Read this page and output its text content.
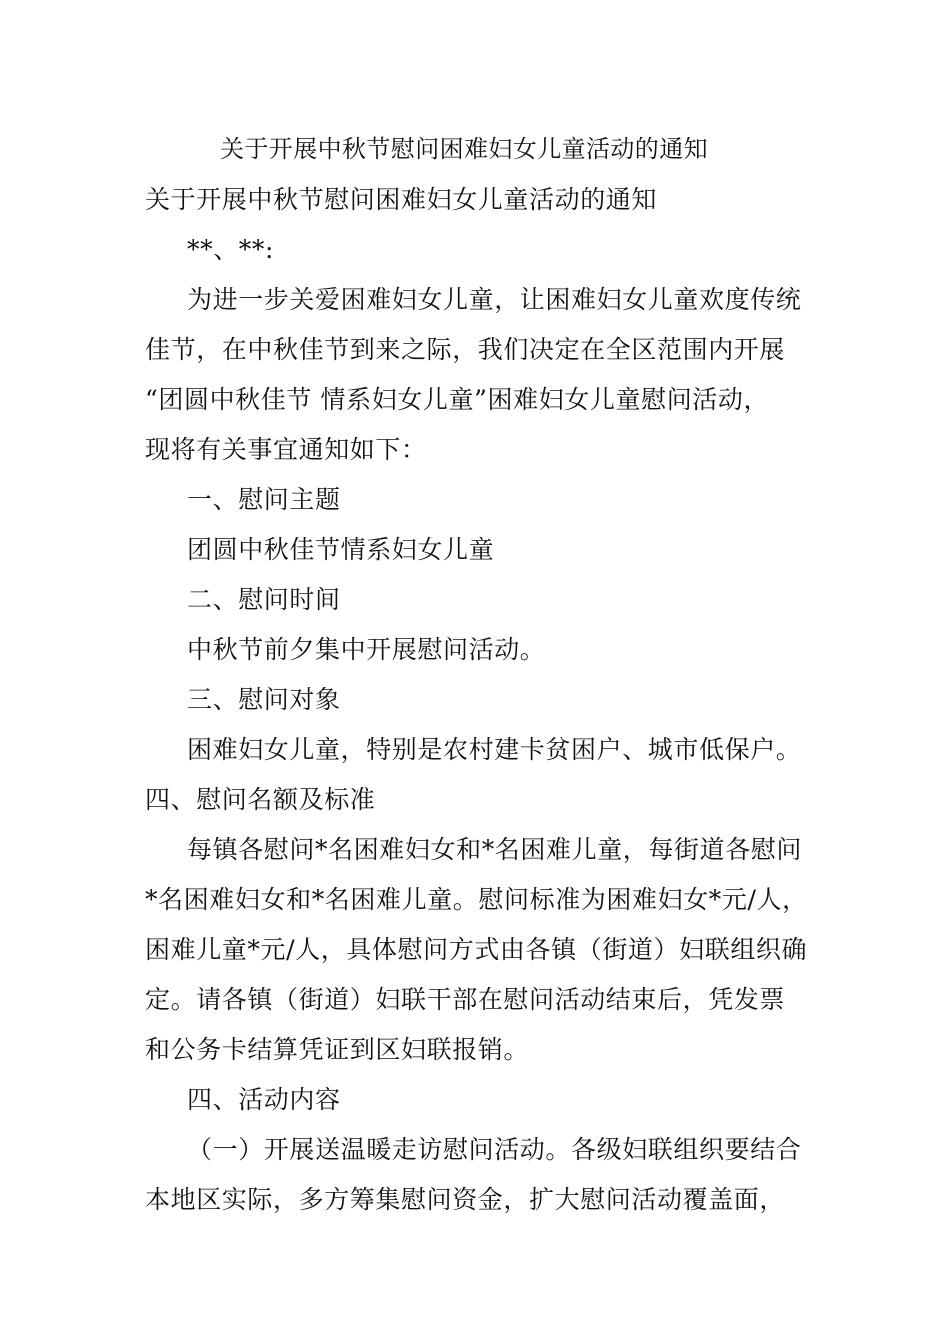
关于开展中秋节慰问困难妇女儿童活动的通知
关于开展中秋节慰问困难妇女儿童活动的通知
**、**:
为进一步关爱困难妇女儿童，让困难妇女儿童欢度传统
佳节，在中秋佳节到来之际，我们决定在全区范围内开展
“团圆中秋佳节 情系妇女儿童”困难妇女儿童慰问活动，
现将有关事宜通知如下：
一、慰问主题
团圆中秋佳节情系妇女儿童
二、慰问时间
中秋节前夕集中开展慰问活动。
三、慰问对象
困难妇女儿童，特别是农村建卡贫困户、城市低保户。
四、慰问名额及标准
每镇各慰问*名困难妇女和*名困难儿童，每街道各慰问
*名困难妇女和*名困难儿童。慰问标准为困难妇女*元/人，
困难儿童*元/人，具体慰问方式由各镇（街道）妇联组织确
定。请各镇（街道）妇联干部在慰问活动结束后，凭发票
和公务卡结算凭证到区妇联报销。
四、活动内容
（一）开展送温暖走访慰问活动。各级妇联组织要结合
本地区实际，多方筹集慰问资金，扩大慰问活动覆盖面，
